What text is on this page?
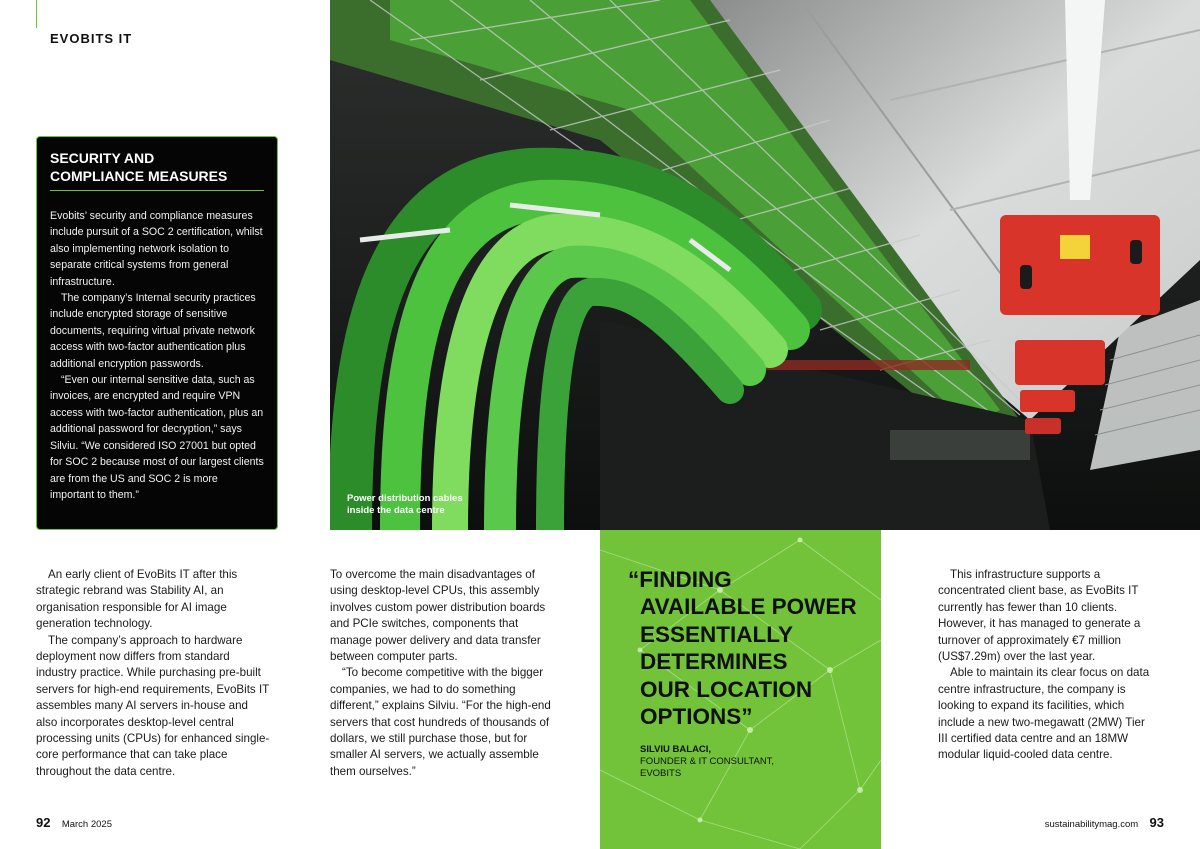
EVOBITS IT
SECURITY AND
COMPLIANCE MEASURES

Evobits’ security and compliance measures include pursuit of a SOC 2 certification, whilst also implementing network isolation to separate critical systems from general infrastructure.

The company’s Internal security practices include encrypted storage of sensitive documents, requiring virtual private network access with two-factor authentication plus additional encryption passwords.

“Even our internal sensitive data, such as invoices, are encrypted and require VPN access with two-factor authentication, plus an additional password for decryption,” says Silviu. “We considered ISO 27001 but opted for SOC 2 because most of our largest clients are from the US and SOC 2 is more important to them.”	Power distribution cables
inside the data centre

An early client of EvoBits IT after this strategic rebrand was Stability AI, an organisation responsible for AI image generation technology.

The company’s approach to hardware deployment now differs from standard industry practice. While purchasing pre-built servers for high-end requirements, EvoBits IT assembles many AI servers in-house and also incorporates desktop-level central processing units (CPUs) for enhanced single-core performance that can take place throughout the data centre.

To overcome the main disadvantages of using desktop-level CPUs, this assembly involves custom power distribution boards and PCIe switches, components that manage power delivery and data transfer between computer parts.

“To become competitive with the bigger companies, we had to do something different,” explains Silviu. “For the high-end servers that cost hundreds of thousands of dollars, we still purchase those, but for smaller AI servers, we actually assemble them ourselves.”

“FINDING
AVAILABLE POWER
ESSENTIALLY
DETERMINES
OUR LOCATION
OPTIONS”
SILVIU BALACI,
FOUNDER & IT CONSULTANT,
EVOBITS

This infrastructure supports a concentrated client base, as EvoBits IT currently has fewer than 10 clients. However, it has managed to generate a turnover of approximately €7 million (US$7.29m) over the last year.

Able to maintain its clear focus on data centre infrastructure, the company is looking to expand its facilities, which include a new two-megawatt (2MW) Tier III certified data centre and an 18MW modular liquid-cooled data centre.

92 March 2025	sustainabilitymag.com 93
